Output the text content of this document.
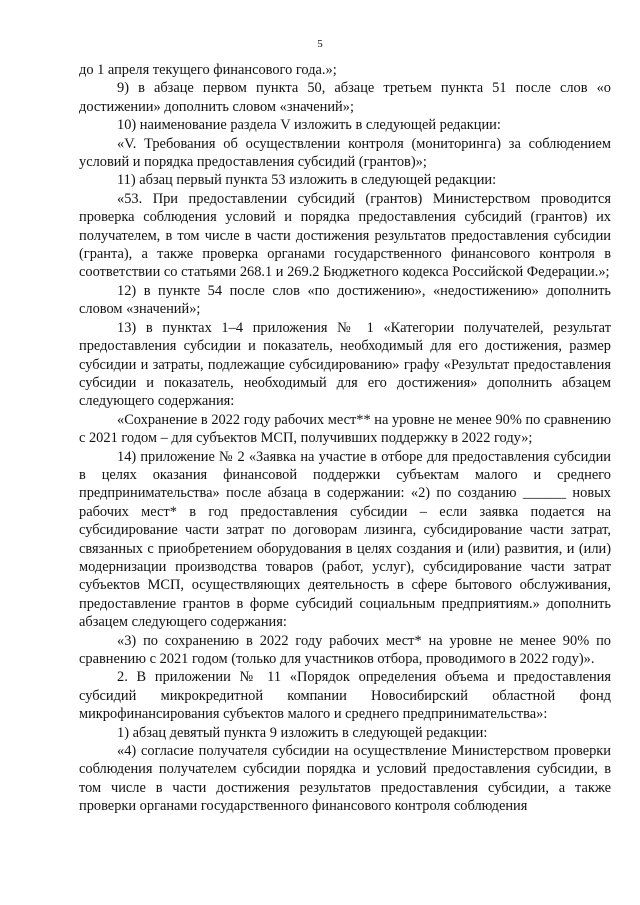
5

до 1 апреля текущего финансового года.»;

9) в абзаце первом пункта 50, абзаце третьем пункта 51 после слов «о достижении» дополнить словом «значений»;

10) наименование раздела V изложить в следующей редакции:

«V. Требования об осуществлении контроля (мониторинга) за соблюдением условий и порядка предоставления субсидий (грантов)»;

11) абзац первый пункта 53 изложить в следующей редакции:

«53. При предоставлении субсидий (грантов) Министерством проводится проверка соблюдения условий и порядка предоставления субсидий (грантов) их получателем, в том числе в части достижения результатов предоставления субсидии (гранта), а также проверка органами государственного финансового контроля в соответствии со статьями 268.1 и 269.2 Бюджетного кодекса Российской Федерации.»;

12) в пункте 54 после слов «по достижению», «недостижению» дополнить словом «значений»;

13) в пунктах 1–4 приложения № 1 «Категории получателей, результат предоставления субсидии и показатель, необходимый для его достижения, размер субсидии и затраты, подлежащие субсидированию» графу «Результат предоставления субсидии и показатель, необходимый для его достижения» дополнить абзацем следующего содержания:

«Сохранение в 2022 году рабочих мест** на уровне не менее 90% по сравнению с 2021 годом – для субъектов МСП, получивших поддержку в 2022 году»;

14) приложение № 2 «Заявка на участие в отборе для предоставления субсидии в целях оказания финансовой поддержки субъектам малого и среднего предпринимательства» после абзаца в содержании: «2) по созданию ______ новых рабочих мест* в год предоставления субсидии – если заявка подается на субсидирование части затрат по договорам лизинга, субсидирование части затрат, связанных с приобретением оборудования в целях создания и (или) развития, и (или) модернизации производства товаров (работ, услуг), субсидирование части затрат субъектов МСП, осуществляющих деятельность в сфере бытового обслуживания, предоставление грантов в форме субсидий социальным предприятиям.» дополнить абзацем следующего содержания:

«3) по сохранению в 2022 году рабочих мест* на уровне не менее 90% по сравнению с 2021 годом (только для участников отбора, проводимого в 2022 году)».

2. В приложении № 11 «Порядок определения объема и предоставления субсидий микрокредитной компании Новосибирский областной фонд микрофинансирования субъектов малого и среднего предпринимательства»:

1) абзац девятый пункта 9 изложить в следующей редакции:

«4) согласие получателя субсидии на осуществление Министерством проверки соблюдения получателем субсидии порядка и условий предоставления субсидии, в том числе в части достижения результатов предоставления субсидии, а также проверки органами государственного финансового контроля соблюдения
